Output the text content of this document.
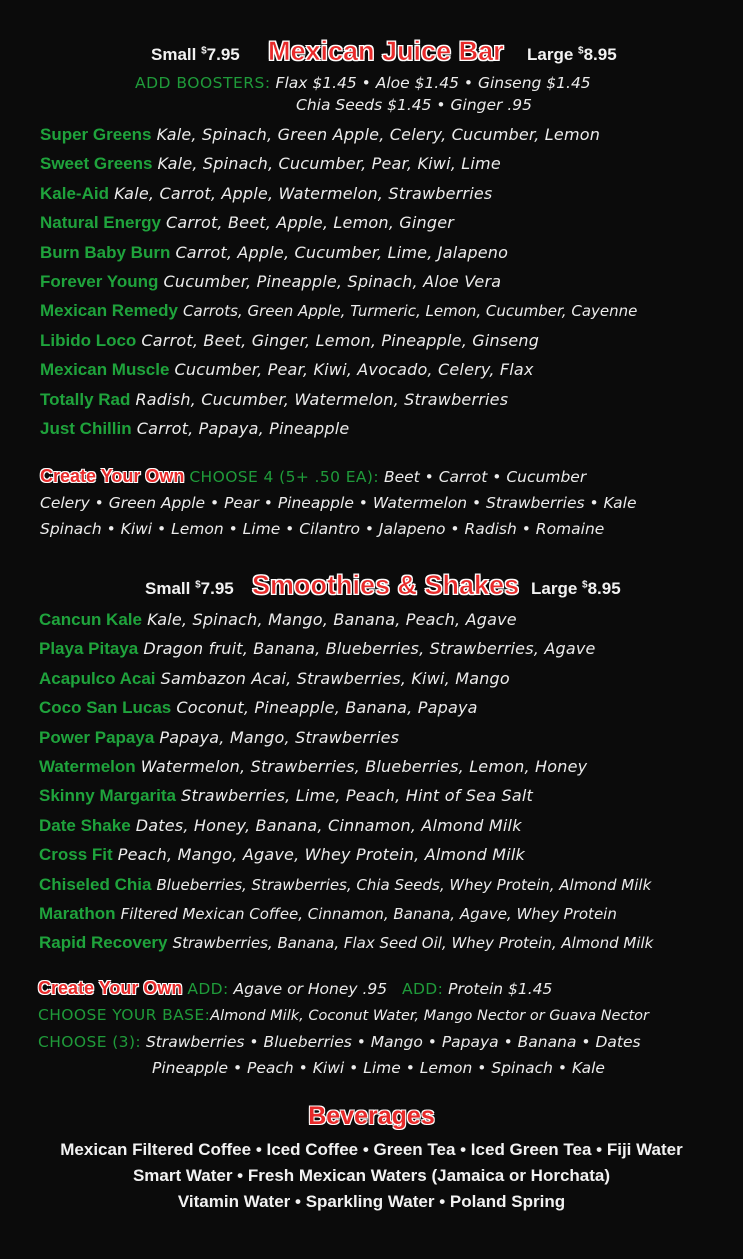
Small $7.95 Mexican Juice Bar Large $8.95
ADD BOOSTERS: Flax $1.45 • Aloe $1.45 • Ginseng $1.45
Chia Seeds $1.45 • Ginger .95
Super Greens Kale, Spinach, Green Apple, Celery, Cucumber, Lemon
Sweet Greens Kale, Spinach, Cucumber, Pear, Kiwi, Lime
Kale-Aid Kale, Carrot, Apple, Watermelon, Strawberries
Natural Energy Carrot, Beet, Apple, Lemon, Ginger
Burn Baby Burn Carrot, Apple, Cucumber, Lime, Jalapeno
Forever Young Cucumber, Pineapple, Spinach, Aloe Vera
Mexican Remedy Carrots, Green Apple, Turmeric, Lemon, Cucumber, Cayenne
Libido Loco Carrot, Beet, Ginger, Lemon, Pineapple, Ginseng
Mexican Muscle Cucumber, Pear, Kiwi, Avocado, Celery, Flax
Totally Rad Radish, Cucumber, Watermelon, Strawberries
Just Chillin Carrot, Papaya, Pineapple
Create Your Own CHOOSE 4 (5+ .50 EA): Beet • Carrot • Cucumber
Celery • Green Apple • Pear • Pineapple • Watermelon • Strawberries • Kale
Spinach • Kiwi • Lemon • Lime • Cilantro • Jalapeno • Radish • Romaine
Small $7.95 Smoothies & Shakes Large $8.95
Cancun Kale Kale, Spinach, Mango, Banana, Peach, Agave
Playa Pitaya Dragon fruit, Banana, Blueberries, Strawberries, Agave
Acapulco Acai Sambazon Acai, Strawberries, Kiwi, Mango
Coco San Lucas Coconut, Pineapple, Banana, Papaya
Power Papaya Papaya, Mango, Strawberries
Watermelon Watermelon, Strawberries, Blueberries, Lemon, Honey
Skinny Margarita Strawberries, Lime, Peach, Hint of Sea Salt
Date Shake Dates, Honey, Banana, Cinnamon, Almond Milk
Cross Fit Peach, Mango, Agave, Whey Protein, Almond Milk
Chiseled Chia Blueberries, Strawberries, Chia Seeds, Whey Protein, Almond Milk
Marathon Filtered Mexican Coffee, Cinnamon, Banana, Agave, Whey Protein
Rapid Recovery Strawberries, Banana, Flax Seed Oil, Whey Protein, Almond Milk
Create Your Own ADD: Agave or Honey .95 ADD: Protein $1.45
CHOOSE YOUR BASE:Almond Milk, Coconut Water, Mango Nector or Guava Nector
CHOOSE (3): Strawberries • Blueberries • Mango • Papaya • Banana • Dates
Pineapple • Peach • Kiwi • Lime • Lemon • Spinach • Kale
Beverages
Mexican Filtered Coffee • Iced Coffee • Green Tea • Iced Green Tea • Fiji Water
Smart Water • Fresh Mexican Waters (Jamaica or Horchata)
Vitamin Water • Sparkling Water • Poland Spring
